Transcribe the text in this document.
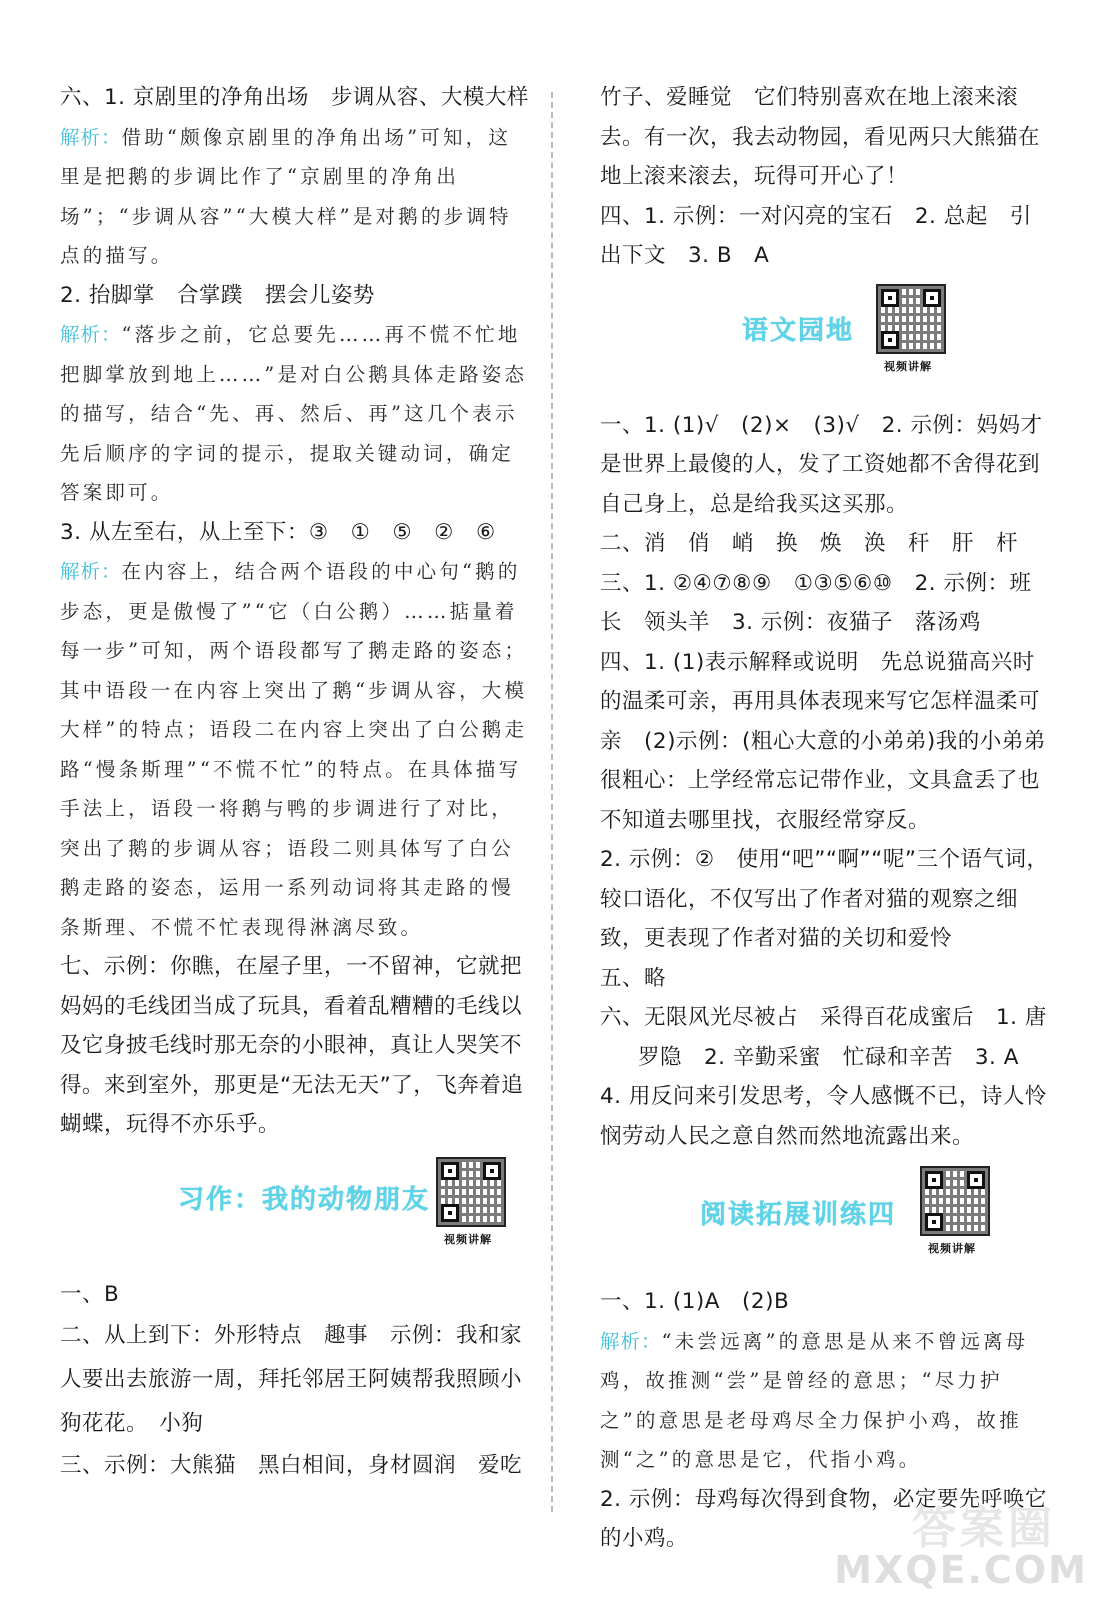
六、1. 京剧里的净角出场　步调从容、大模大样

解析：借助“颇像京剧里的净角出场”可知，这里是把鹅的步调比作了“京剧里的净角出场”；“步调从容”“大模大样”是对鹅的步调特点的描写。

2. 抬脚掌　合掌蹼　摆会儿姿势

解析：“落步之前，它总要先……再不慌不忙地把脚掌放到地上……”是对白公鹅具体走路姿态的描写，结合“先、再、然后、再”这几个表示先后顺序的字词的提示，提取关键动词，确定答案即可。

3. 从左至右，从上至下：③　①　⑤　②　⑥

解析：在内容上，结合两个语段的中心句“鹅的步态，更是傲慢了”“它（白公鹅）……掂量着每一步”可知，两个语段都写了鹅走路的姿态；其中语段一在内容上突出了鹅“步调从容，大模大样”的特点；语段二在内容上突出了白公鹅走路“慢条斯理”“不慌不忙”的特点。在具体描写手法上，语段一将鹅与鸭的步调进行了对比，突出了鹅的步调从容；语段二则具体写了白公鹅走路的姿态，运用一系列动词将其走路的慢条斯理、不慌不忙表现得淋漓尽致。

七、示例：你瞧，在屋子里，一不留神，它就把妈妈的毛线团当成了玩具，看着乱糟糟的毛线以及它身披毛线时那无奈的小眼神，真让人哭笑不得。来到室外，那更是“无法无天”了，飞奔着追蝴蝶，玩得不亦乐乎。

习作：我的动物朋友
视频讲解

一、B

二、从上到下：外形特点　趣事　示例：我和家人要出去旅游一周，拜托邻居王阿姨帮我照顾小狗花花。　小狗

三、示例：大熊猫　黑白相间，身材圆润　爱吃

竹子、爱睡觉　它们特别喜欢在地上滚来滚去。有一次，我去动物园，看见两只大熊猫在地上滚来滚去，玩得可开心了！

四、1. 示例：一对闪亮的宝石　2. 总起　引出下文　3. B　A

语文园地
视频讲解

一、1. (1)√　(2)×　(3)√　2. 示例：妈妈才是世界上最傻的人，发了工资她都不舍得花到自己身上，总是给我买这买那。

二、消　俏　峭　换　焕　涣　秆　肝　杆

三、1. ②④⑦⑧⑨　①③⑤⑥⑩　2. 示例：班长　领头羊　3. 示例：夜猫子　落汤鸡

四、1. (1)表示解释或说明　先总说猫高兴时的温柔可亲，再用具体表现来写它怎样温柔可亲　(2)示例：(粗心大意的小弟弟)我的小弟弟很粗心：上学经常忘记带作业，文具盒丢了也不知道去哪里找，衣服经常穿反。

2. 示例：②　使用“吧”“啊”“呢”三个语气词，较口语化，不仅写出了作者对猫的观察之细致，更表现了作者对猫的关切和爱怜

五、略

六、无限风光尽被占　采得百花成蜜后　1. 唐

罗隐　2. 辛勤采蜜　忙碌和辛苦　3. A

4. 用反问来引发思考，令人感慨不已，诗人怜悯劳动人民之意自然而然地流露出来。

阅读拓展训练四
视频讲解

一、1. (1)A　(2)B

解析：“未尝远离”的意思是从来不曾远离母鸡，故推测“尝”是曾经的意思；“尽力护之”的意思是老母鸡尽全力保护小鸡，故推测“之”的意思是它，代指小鸡。

2. 示例：母鸡每次得到食物，必定要先呼唤它的小鸡。	答案圈
MXQE.COM
